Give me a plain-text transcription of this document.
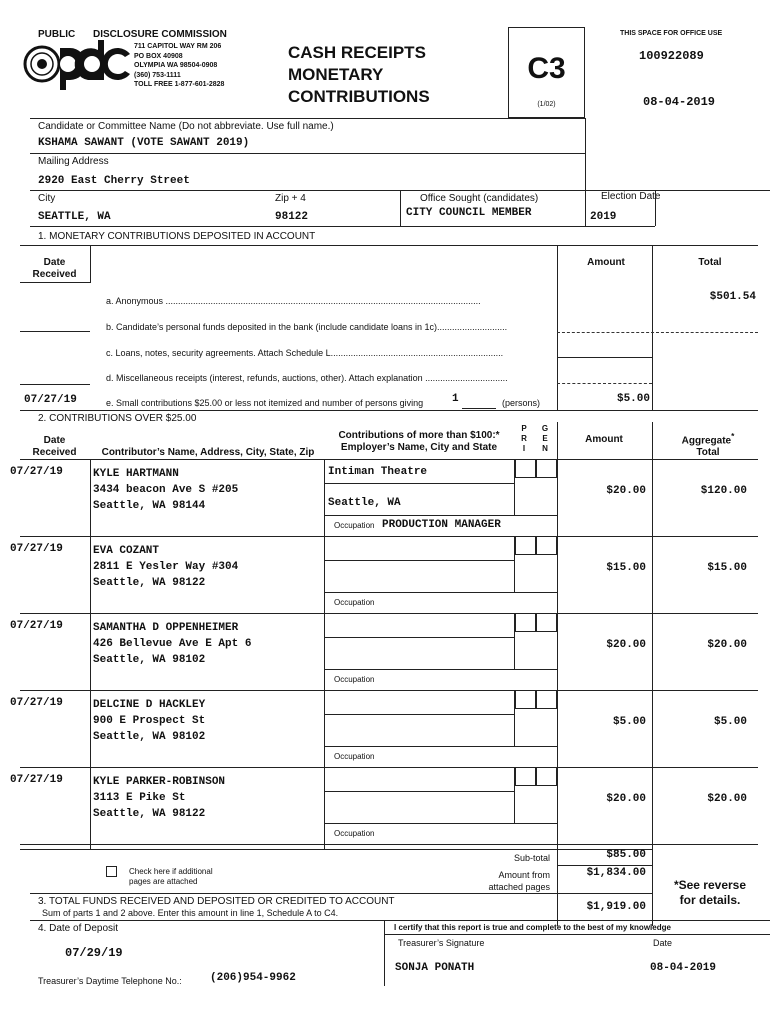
PUBLIC DISCLOSURE COMMISSION
711 CAPITOL WAY RM 206
PO BOX 40908
OLYMPIA WA 98504-0908
(360) 753-1111
TOLL FREE 1-877-601-2828
CASH RECEIPTS
MONETARY
CONTRIBUTIONS
C3
(1/02)
THIS SPACE FOR OFFICE USE
100922089
08-04-2019
Candidate or Committee Name (Do not abbreviate. Use full name.)
KSHAMA SAWANT (VOTE SAWANT 2019)
Mailing Address
2920 East Cherry Street
City
SEATTLE, WA
Zip + 4
98122
Office Sought (candidates)
CITY COUNCIL MEMBER
Election Date
2019
1. MONETARY CONTRIBUTIONS DEPOSITED IN ACCOUNT
Date
Received
Amount	Total
a. Anonymous ..............................................................................................................................	$501.54
b. Candidate’s personal funds deposited in the bank (include candidate loans in 1c)............................
c. Loans, notes, security agreements. Attach Schedule L.....................................................................
d. Miscellaneous receipts (interest, refunds, auctions, other). Attach explanation .................................
07/27/19	e. Small contributions $25.00 or less not itemized and number of persons giving	1	(persons)	$5.00
2. CONTRIBUTIONS OVER $25.00
Date
Received	Contributor’s Name, Address, City, State, Zip
Contributions of more than $100:*
Employer’s Name, City and State
P
R
I
G
E
N
Amount	Aggregate*
Total
07/27/19	KYLE HARTMANN
3434 beacon Ave S #205
Seattle, WA 98144
Intiman Theatre
Seattle, WA
Occupation PRODUCTION MANAGER
$20.00	$120.00
07/27/19	EVA COZANT
2811 E Yesler Way #304
Seattle, WA 98122
Occupation
$15.00	$15.00
07/27/19	SAMANTHA D OPPENHEIMER
426 Bellevue Ave E Apt 6
Seattle, WA 98102
Occupation
$20.00	$20.00
07/27/19	DELCINE D HACKLEY
900 E Prospect St
Seattle, WA 98102
Occupation
$5.00	$5.00
07/27/19	KYLE PARKER-ROBINSON
3113 E Pike St
Seattle, WA 98122
Occupation
$20.00	$20.00
Check here if additional
pages are attached
Sub-total	$85.00
Amount from
attached pages
$1,834.00
*See reverse
for details.
3. TOTAL FUNDS RECEIVED AND DEPOSITED OR CREDITED TO ACCOUNT
Sum of parts 1 and 2 above. Enter this amount in line 1, Schedule A to C4.	$1,919.00
4. Date of Deposit
07/29/19
I certify that this report is true and complete to the best of my knowledge
Treasurer’s Signature	Date
SONJA PONATH	08-04-2019
Treasurer’s Daytime Telephone No.:	(206)954-9962
